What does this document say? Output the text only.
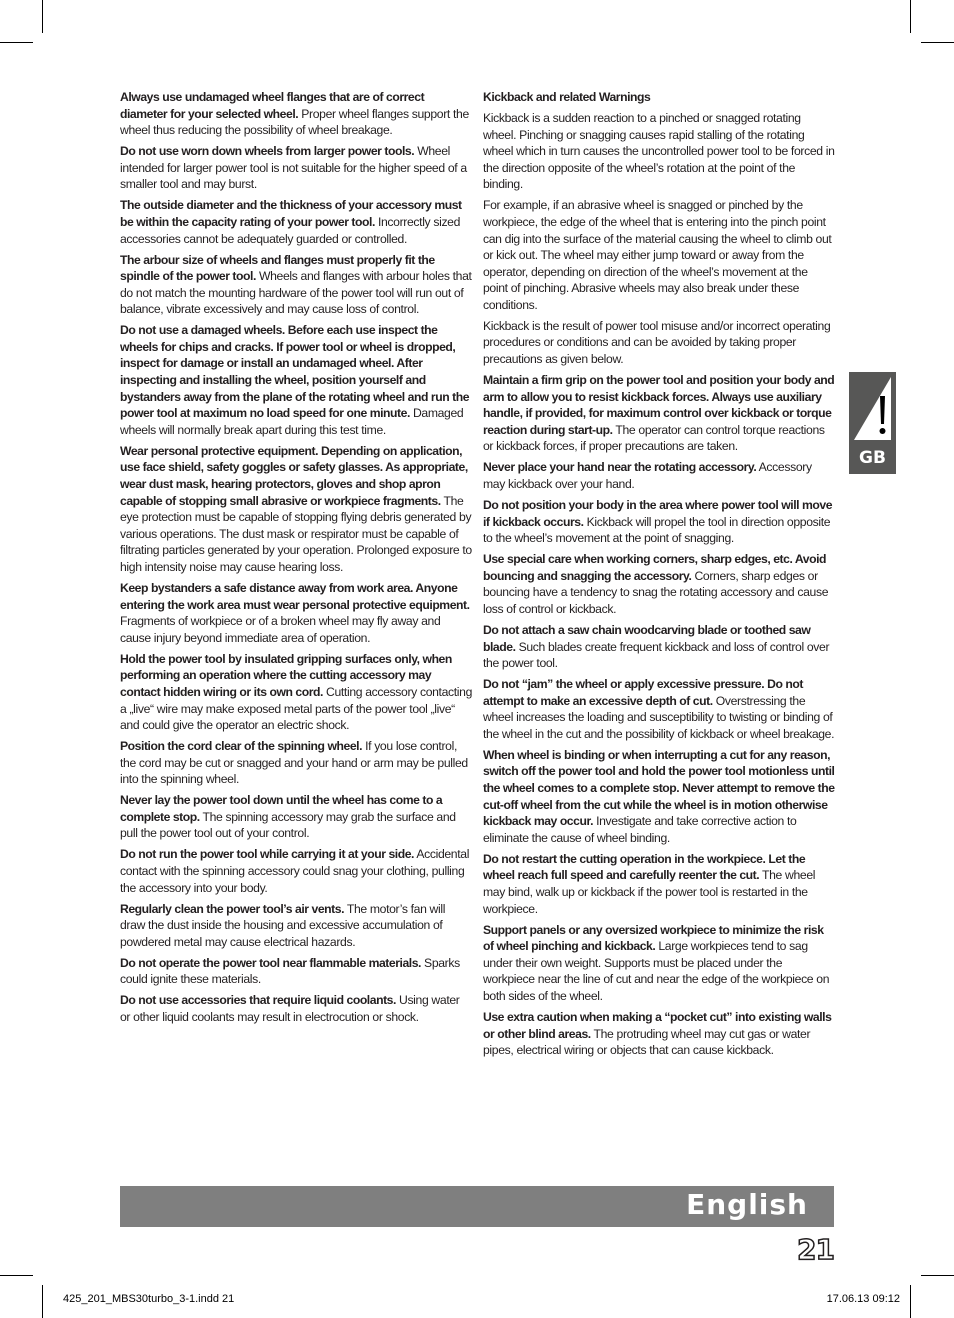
Always use undamaged wheel flanges that are of correct diameter for your selected wheel. Proper wheel flanges support the wheel thus reducing the possibility of wheel breakage.

Do not use worn down wheels from larger power tools. Wheel intended for larger power tool is not suitable for the higher speed of a smaller tool and may burst.

The outside diameter and the thickness of your accessory must be within the capacity rating of your power tool. Incorrectly sized accessories cannot be adequately guarded or controlled.

The arbour size of wheels and flanges must properly fit the spindle of the power tool. Wheels and flanges with arbour holes that do not match the mounting hardware of the power tool will run out of balance, vibrate excessively and may cause loss of control.

Do not use a damaged wheels. Before each use inspect the wheels for chips and cracks. If power tool or wheel is dropped, inspect for damage or install an undamaged wheel. After inspecting and installing the wheel, position yourself and bystanders away from the plane of the rotating wheel and run the power tool at maximum no load speed for one minute. Damaged wheels will normally break apart during this test time.

Wear personal protective equipment. Depending on application, use face shield, safety goggles or safety glasses. As appropriate, wear dust mask, hearing protectors, gloves and shop apron capable of stopping small abrasive or workpiece fragments. The eye protection must be capable of stopping flying debris generated by various operations. The dust mask or respirator must be capable of filtrating particles generated by your operation. Prolonged exposure to high intensity noise may cause hearing loss.

Keep bystanders a safe distance away from work area. Anyone entering the work area must wear personal protective equipment. Fragments of workpiece or of a broken wheel may fly away and cause injury beyond immediate area of operation.

Hold the power tool by insulated gripping surfaces only, when performing an operation where the cutting accessory may contact hidden wiring or its own cord. Cutting accessory contacting a „live“ wire may make exposed metal parts of the power tool „live“ and could give the operator an electric shock.

Position the cord clear of the spinning wheel. If you lose control, the cord may be cut or snagged and your hand or arm may be pulled into the spinning wheel.

Never lay the power tool down until the wheel has come to a complete stop. The spinning accessory may grab the surface and pull the power tool out of your control.

Do not run the power tool while carrying it at your side. Accidental contact with the spinning accessory could snag your clothing, pulling the accessory into your body.

Regularly clean the power tool’s air vents. The motor’s fan will draw the dust inside the housing and excessive accumulation of powdered metal may cause electrical hazards.

Do not operate the power tool near flammable materials. Sparks could ignite these materials.

Do not use accessories that require liquid coolants. Using water or other liquid coolants may result in electrocution or shock.

Kickback and related Warnings

Kickback is a sudden reaction to a pinched or snagged rotating wheel. Pinching or snagging causes rapid stalling of the rotating wheel which in turn causes the uncontrolled power tool to be forced in the direction opposite of the wheel’s rotation at the point of the binding.

For example, if an abrasive wheel is snagged or pinched by the workpiece, the edge of the wheel that is entering into the pinch point can dig into the surface of the material causing the wheel to climb out or kick out. The wheel may either jump toward or away from the operator, depending on direction of the wheel’s movement at the point of pinching. Abrasive wheels may also break under these conditions.

Kickback is the result of power tool misuse and/or incorrect operating procedures or conditions and can be avoided by taking proper precautions as given below.

Maintain a firm grip on the power tool and position your body and arm to allow you to resist kickback forces. Always use auxiliary handle, if provided, for maximum control over kickback or torque reaction during start-up. The operator can control torque reactions or kickback forces, if proper precautions are taken.

Never place your hand near the rotating accessory. Accessory may kickback over your hand.

Do not position your body in the area where power tool will move if kickback occurs. Kickback will propel the tool in direction opposite to the wheel’s movement at the point of snagging.

Use special care when working corners, sharp edges, etc. Avoid bouncing and snagging the accessory. Corners, sharp edges or bouncing have a tendency to snag the rotating accessory and cause loss of control or kickback.

Do not attach a saw chain woodcarving blade or toothed saw blade. Such blades create frequent kickback and loss of control over the power tool.

Do not “jam” the wheel or apply excessive pressure. Do not attempt to make an excessive depth of cut. Overstressing the wheel increases the loading and susceptibility to twisting or binding of the wheel in the cut and the possibility of kickback or wheel breakage.

When wheel is binding or when interrupting a cut for any reason, switch off the power tool and hold the power tool motionless until the wheel comes to a complete stop. Never attempt to remove the cut-off wheel from the cut while the wheel is in motion otherwise kickback may occur. Investigate and take corrective action to eliminate the cause of wheel binding.

Do not restart the cutting operation in the workpiece. Let the wheel reach full speed and carefully reenter the cut. The wheel may bind, walk up or kickback if the power tool is restarted in the workpiece.

Support panels or any oversized workpiece to minimize the risk of wheel pinching and kickback. Large workpieces tend to sag under their own weight. Supports must be placed under the workpiece near the line of cut and near the edge of the workpiece on both sides of the wheel.

Use extra caution when making a “pocket cut” into existing walls or other blind areas. The protruding wheel may cut gas or water pipes, electrical wiring or objects that can cause kickback.

GB
English
21
425_201_MBS30turbo_3-1.indd 21	17.06.13 09:12
